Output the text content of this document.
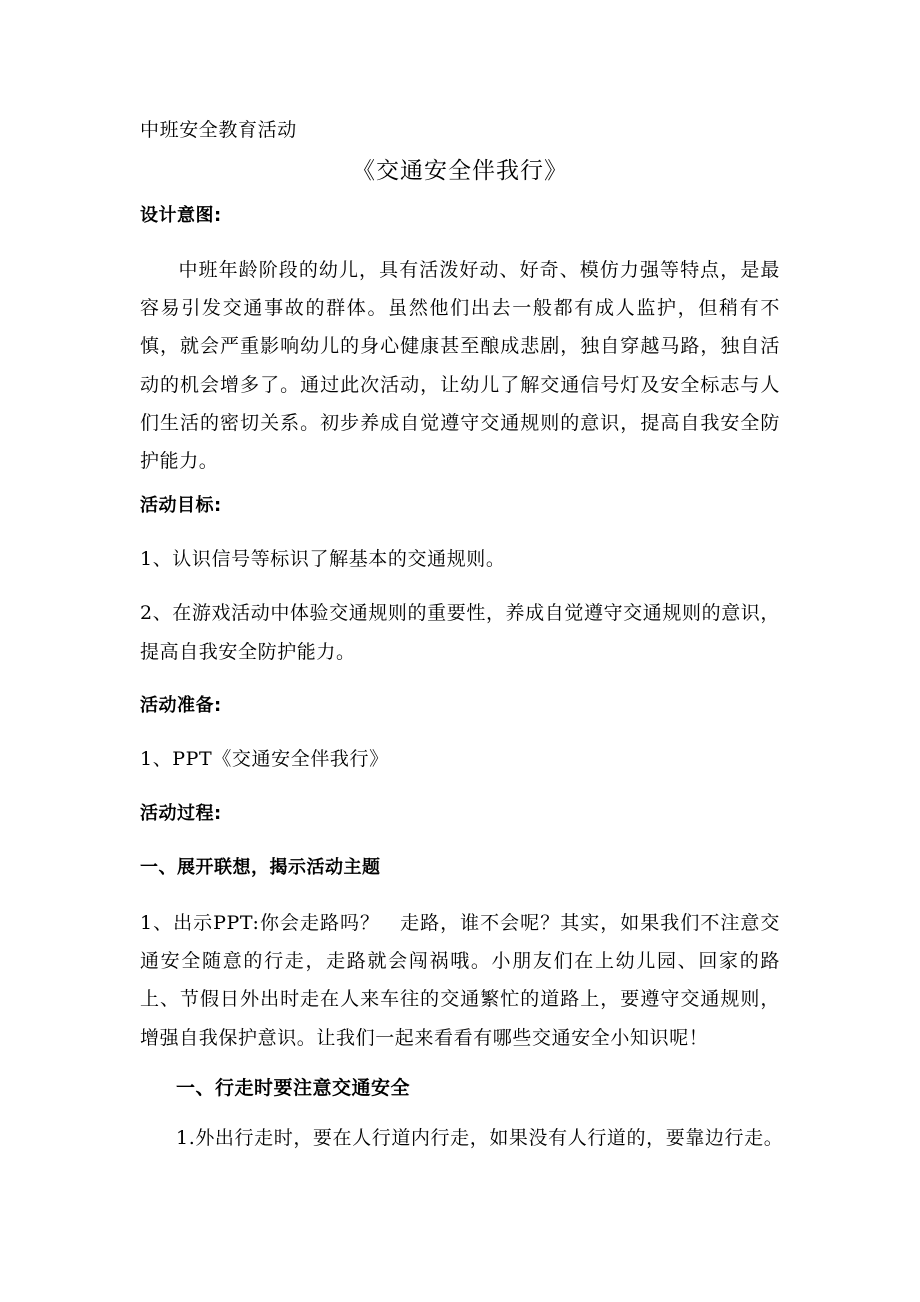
中班安全教育活动
《交通安全伴我行》
设计意图:
中班年龄阶段的幼儿，具有活泼好动、好奇、模仿力强等特点，是最容易引发交通事故的群体。虽然他们出去一般都有成人监护，但稍有不慎，就会严重影响幼儿的身心健康甚至酿成悲剧，独自穿越马路，独自活动的机会增多了。通过此次活动，让幼儿了解交通信号灯及安全标志与人们生活的密切关系。初步养成自觉遵守交通规则的意识，提高自我安全防护能力。
活动目标:
1、认识信号等标识了解基本的交通规则。
2、在游戏活动中体验交通规则的重要性，养成自觉遵守交通规则的意识，提高自我安全防护能力。
活动准备:
1、PPT《交通安全伴我行》
活动过程:
一、展开联想，揭示活动主题
1、出示PPT:你会走路吗？　走路，谁不会呢？其实，如果我们不注意交通安全随意的行走，走路就会闯祸哦。小朋友们在上幼儿园、回家的路上、节假日外出时走在人来车往的交通繁忙的道路上，要遵守交通规则，增强自我保护意识。让我们一起来看看有哪些交通安全小知识呢！
一、行走时要注意交通安全
1.外出行走时，要在人行道内行走，如果没有人行道的，要靠边行走。
